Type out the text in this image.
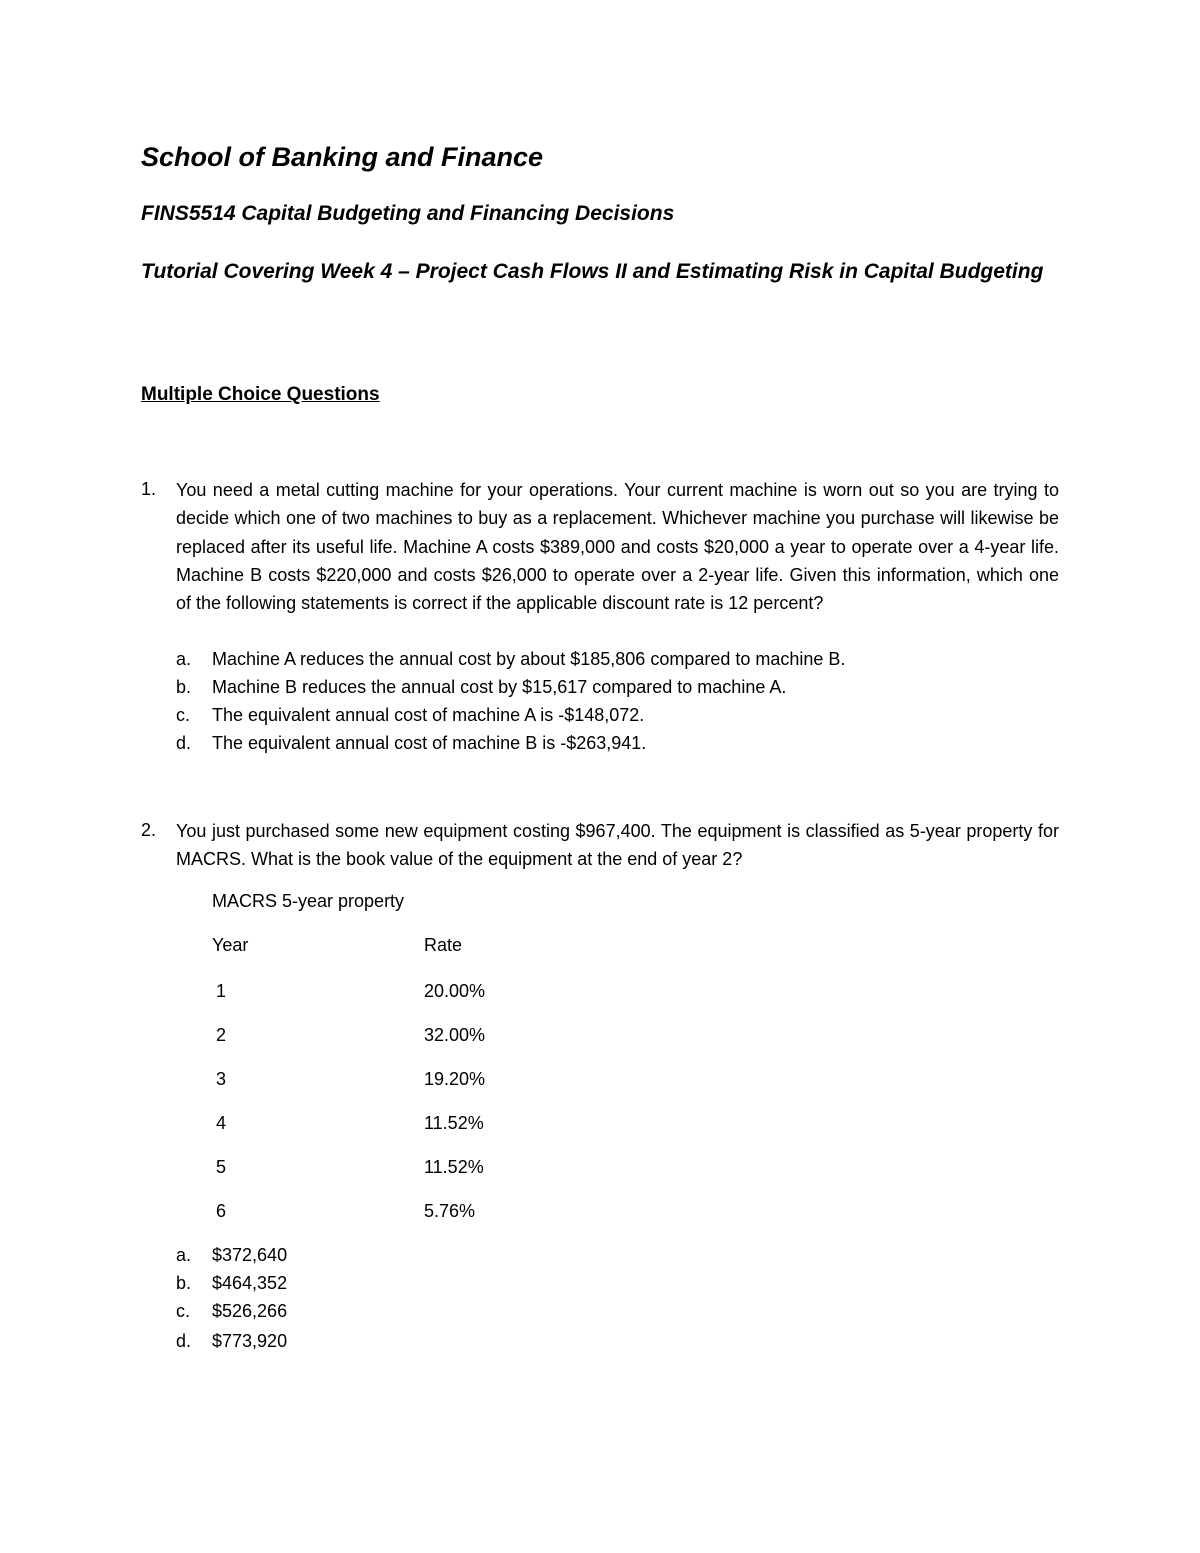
School of Banking and Finance
FINS5514 Capital Budgeting and Financing Decisions
Tutorial Covering Week 4 – Project Cash Flows II and Estimating Risk in Capital Budgeting
Multiple Choice Questions
1. You need a metal cutting machine for your operations. Your current machine is worn out so you are trying to decide which one of two machines to buy as a replacement. Whichever machine you purchase will likewise be replaced after its useful life. Machine A costs $389,000 and costs $20,000 a year to operate over a 4-year life. Machine B costs $220,000 and costs $26,000 to operate over a 2-year life. Given this information, which one of the following statements is correct if the applicable discount rate is 12 percent?
a. Machine A reduces the annual cost by about $185,806 compared to machine B.
b. Machine B reduces the annual cost by $15,617 compared to machine A.
c. The equivalent annual cost of machine A is -$148,072.
d. The equivalent annual cost of machine B is -$263,941.
2. You just purchased some new equipment costing $967,400. The equipment is classified as 5-year property for MACRS. What is the book value of the equipment at the end of year 2?
MACRS 5-year property
Year	Rate
1	20.00%
2	32.00%
3	19.20%
4	11.52%
5	11.52%
6	5.76%
a. $372,640
b. $464,352
c. $526,266
d. $773,920
